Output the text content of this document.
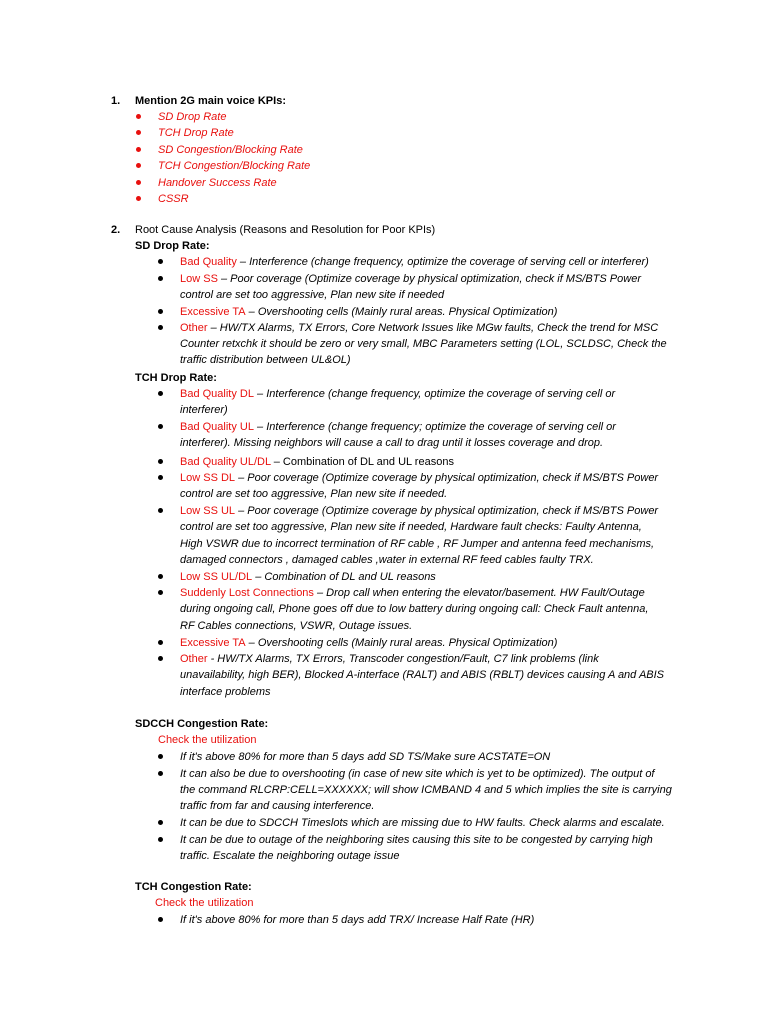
1. Mention 2G main voice KPIs:
SD Drop Rate
TCH Drop Rate
SD Congestion/Blocking Rate
TCH Congestion/Blocking Rate
Handover Success Rate
CSSR
2. Root Cause Analysis (Reasons and Resolution for Poor KPIs)
SD Drop Rate:
Bad Quality – Interference (change frequency, optimize the coverage of serving cell or interferer)
Low SS – Poor coverage (Optimize coverage by physical optimization, check if MS/BTS Power
control are set too aggressive, Plan new site if needed
Excessive TA – Overshooting cells (Mainly rural areas. Physical Optimization)
Other – HW/TX Alarms, TX Errors, Core Network Issues like MGw faults, Check the trend for MSC
Counter retxchk it should be zero or very small, MBC Parameters setting (LOL, SCLDSC, Check the
traffic distribution between UL&OL)
TCH Drop Rate:
Bad Quality DL – Interference (change frequency, optimize the coverage of serving cell or
interferer)
Bad Quality UL – Interference (change frequency; optimize the coverage of serving cell or
interferer). Missing neighbors will cause a call to drag until it losses coverage and drop.
Bad Quality UL/DL – Combination of DL and UL reasons
Low SS DL – Poor coverage (Optimize coverage by physical optimization, check if MS/BTS Power
control are set too aggressive, Plan new site if needed.
Low SS UL – Poor coverage (Optimize coverage by physical optimization, check if MS/BTS Power
control are set too aggressive, Plan new site if needed, Hardware fault checks: Faulty Antenna,
High VSWR due to incorrect termination of RF cable , RF Jumper and antenna feed mechanisms,
damaged connectors , damaged cables ,water in external RF feed cables faulty TRX.
Low SS UL/DL – Combination of DL and UL reasons
Suddenly Lost Connections – Drop call when entering the elevator/basement. HW Fault/Outage
during ongoing call, Phone goes off due to low battery during ongoing call: Check Fault antenna,
RF Cables connections, VSWR, Outage issues.
Excessive TA – Overshooting cells (Mainly rural areas. Physical Optimization)
Other - HW/TX Alarms, TX Errors, Transcoder congestion/Fault, C7 link problems (link
unavailability, high BER), Blocked A-interface (RALT) and ABIS (RBLT) devices causing A and ABIS
interface problems
SDCCH Congestion Rate:
Check the utilization
If it's above 80% for more than 5 days add SD TS/Make sure ACSTATE=ON
It can also be due to overshooting (in case of new site which is yet to be optimized). The output of
the command RLCRP:CELL=XXXXXX; will show ICMBAND 4 and 5 which implies the site is carrying
traffic from far and causing interference.
It can be due to SDCCH Timeslots which are missing due to HW faults. Check alarms and escalate.
It can be due to outage of the neighboring sites causing this site to be congested by carrying high
traffic. Escalate the neighboring outage issue
TCH Congestion Rate:
Check the utilization
If it's above 80% for more than 5 days add TRX/ Increase Half Rate (HR)
